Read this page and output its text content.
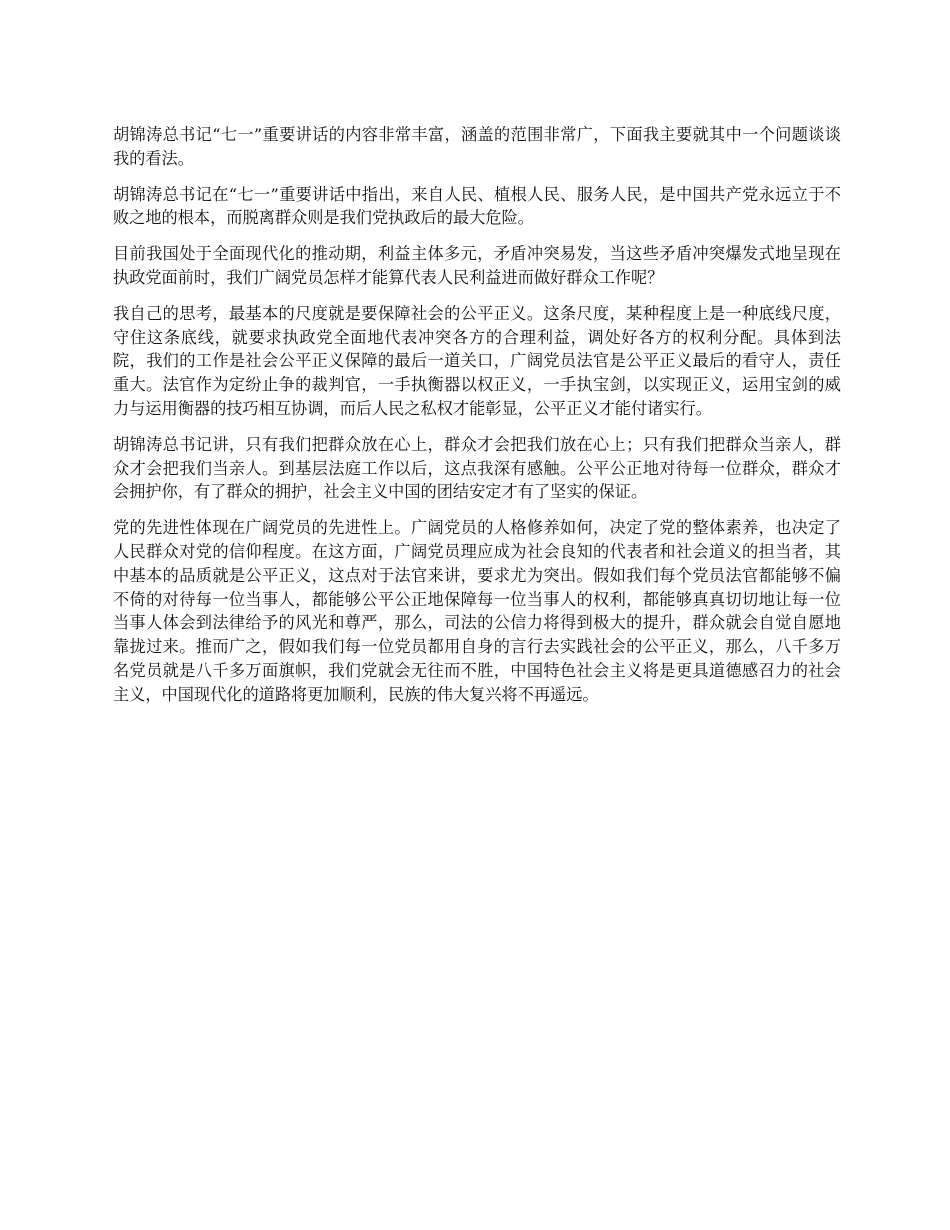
胡锦涛总书记“七一”重要讲话的内容非常丰富，涵盖的范围非常广，下面我主要就其中一个问题谈谈我的看法。

胡锦涛总书记在“七一”重要讲话中指出，来自人民、植根人民、服务人民，是中国共产党永远立于不败之地的根本，而脱离群众则是我们党执政后的最大危险。

目前我国处于全面现代化的推动期，利益主体多元，矛盾冲突易发，当这些矛盾冲突爆发式地呈现在执政党面前时，我们广阔党员怎样才能算代表人民利益进而做好群众工作呢？

我自己的思考，最基本的尺度就是要保障社会的公平正义。这条尺度，某种程度上是一种底线尺度，守住这条底线，就要求执政党全面地代表冲突各方的合理利益，调处好各方的权利分配。具体到法院，我们的工作是社会公平正义保障的最后一道关口，广阔党员法官是公平正义最后的看守人，责任重大。法官作为定纷止争的裁判官，一手执衡器以权正义，一手执宝剑，以实现正义，运用宝剑的威力与运用衡器的技巧相互协调，而后人民之私权才能彰显，公平正义才能付诸实行。

胡锦涛总书记讲，只有我们把群众放在心上，群众才会把我们放在心上；只有我们把群众当亲人，群众才会把我们当亲人。到基层法庭工作以后，这点我深有感触。公平公正地对待每一位群众，群众才会拥护你，有了群众的拥护，社会主义中国的团结安定才有了坚实的保证。

党的先进性体现在广阔党员的先进性上。广阔党员的人格修养如何，决定了党的整体素养，也决定了人民群众对党的信仰程度。在这方面，广阔党员理应成为社会良知的代表者和社会道义的担当者，其中基本的品质就是公平正义，这点对于法官来讲，要求尤为突出。假如我们每个党员法官都能够不偏不倚的对待每一位当事人，都能够公平公正地保障每一位当事人的权利，都能够真真切切地让每一位当事人体会到法律给予的风光和尊严，那么，司法的公信力将得到极大的提升，群众就会自觉自愿地靠拢过来。推而广之，假如我们每一位党员都用自身的言行去实践社会的公平正义，那么，八千多万名党员就是八千多万面旗帜，我们党就会无往而不胜，中国特色社会主义将是更具道德感召力的社会主义，中国现代化的道路将更加顺利，民族的伟大复兴将不再遥远。
